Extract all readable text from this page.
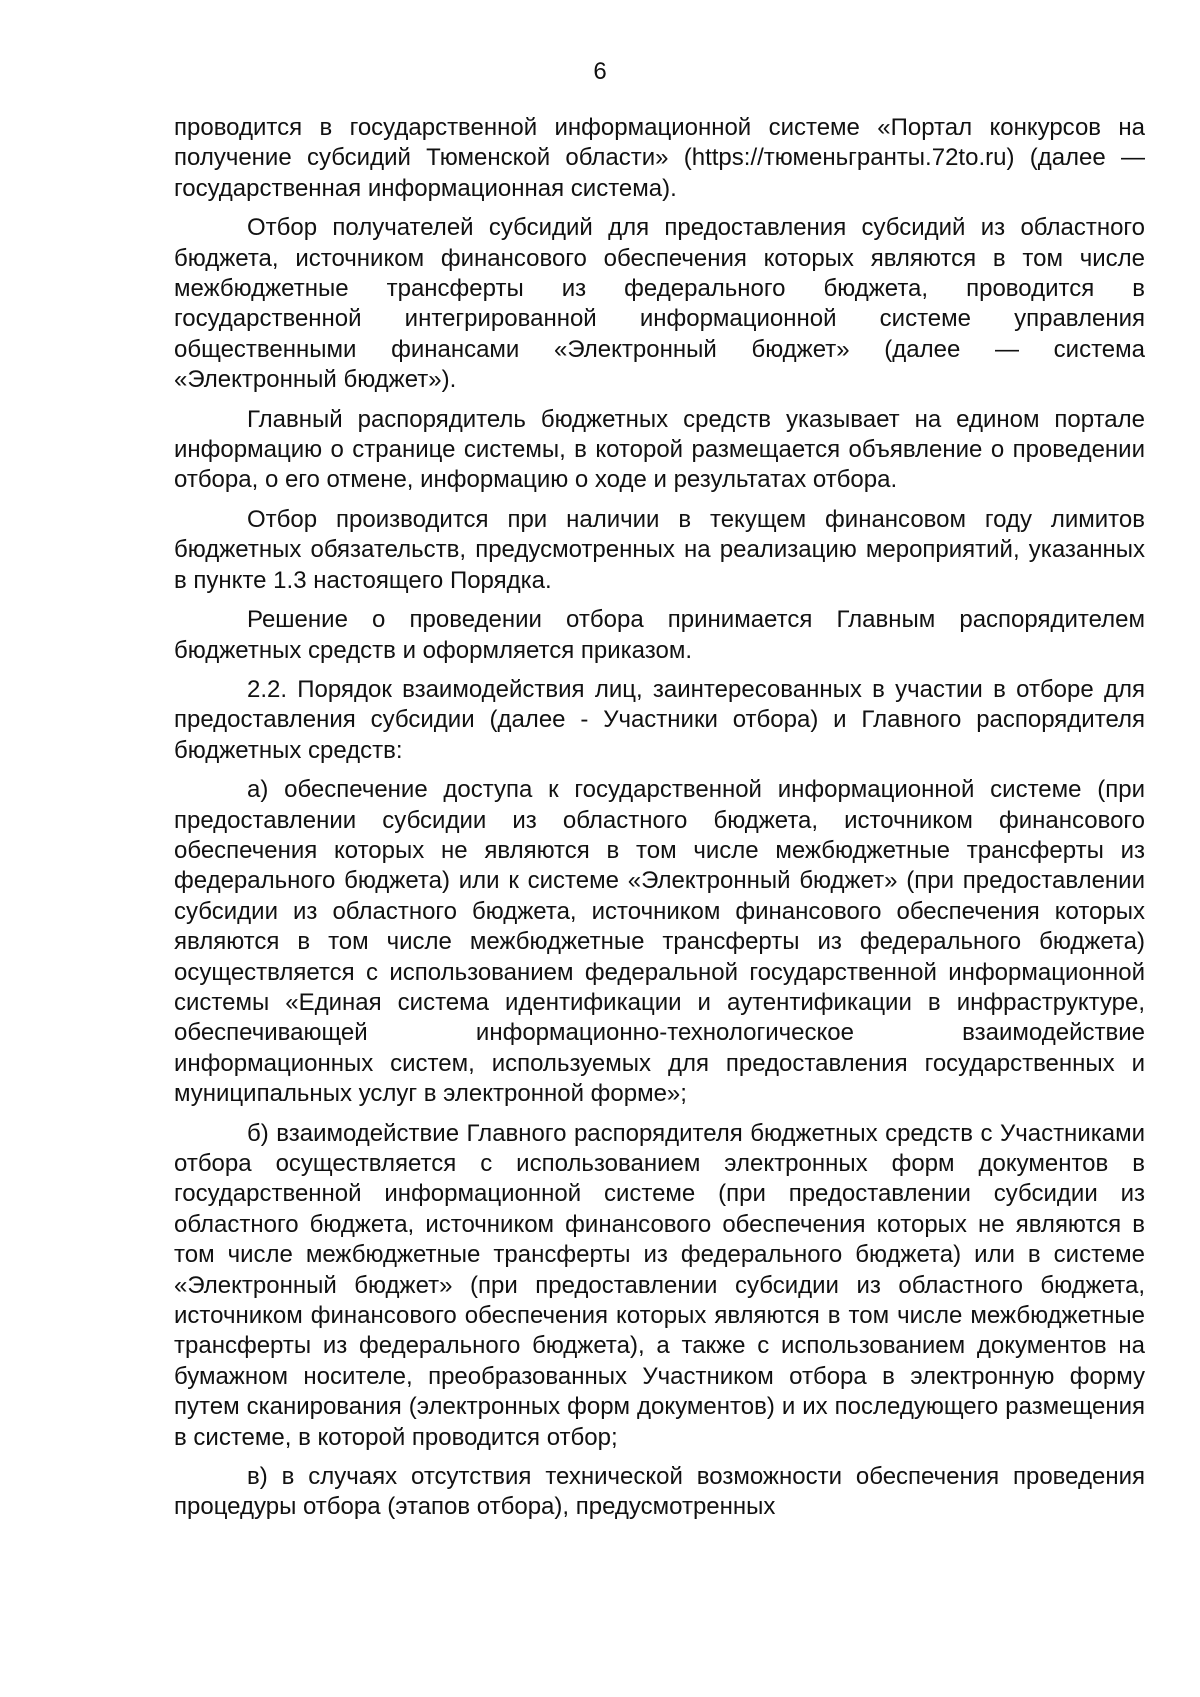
6

проводится в государственной информационной системе «Портал конкурсов на получение субсидий Тюменской области» (https://тюменьгранты.72to.ru) (далее — государственная информационная система).

Отбор получателей субсидий для предоставления субсидий из областного бюджета, источником финансового обеспечения которых являются в том числе межбюджетные трансферты из федерального бюджета, проводится в государственной интегрированной информационной системе управления общественными финансами «Электронный бюджет» (далее — система «Электронный бюджет»).

Главный распорядитель бюджетных средств указывает на едином портале информацию о странице системы, в которой размещается объявление о проведении отбора, о его отмене, информацию о ходе и результатах отбора.

Отбор производится при наличии в текущем финансовом году лимитов бюджетных обязательств, предусмотренных на реализацию мероприятий, указанных в пункте 1.3 настоящего Порядка.

Решение о проведении отбора принимается Главным распорядителем бюджетных средств и оформляется приказом.

2.2. Порядок взаимодействия лиц, заинтересованных в участии в отборе для предоставления субсидии (далее - Участники отбора) и Главного распорядителя бюджетных средств:

а) обеспечение доступа к государственной информационной системе (при предоставлении субсидии из областного бюджета, источником финансового обеспечения которых не являются в том числе межбюджетные трансферты из федерального бюджета) или к системе «Электронный бюджет» (при предоставлении субсидии из областного бюджета, источником финансового обеспечения которых являются в том числе межбюджетные трансферты из федерального бюджета) осуществляется с использованием федеральной государственной информационной системы «Единая система идентификации и аутентификации в инфраструктуре, обеспечивающей информационно-технологическое взаимодействие информационных систем, используемых для предоставления государственных и муниципальных услуг в электронной форме»;

б) взаимодействие Главного распорядителя бюджетных средств с Участниками отбора осуществляется с использованием электронных форм документов в государственной информационной системе (при предоставлении субсидии из областного бюджета, источником финансового обеспечения которых не являются в том числе межбюджетные трансферты из федерального бюджета) или в системе «Электронный бюджет» (при предоставлении субсидии из областного бюджета, источником финансового обеспечения которых являются в том числе межбюджетные трансферты из федерального бюджета), а также с использованием документов на бумажном носителе, преобразованных Участником отбора в электронную форму путем сканирования (электронных форм документов) и их последующего размещения в системе, в которой проводится отбор;

в) в случаях отсутствия технической возможности обеспечения проведения процедуры отбора (этапов отбора), предусмотренных
